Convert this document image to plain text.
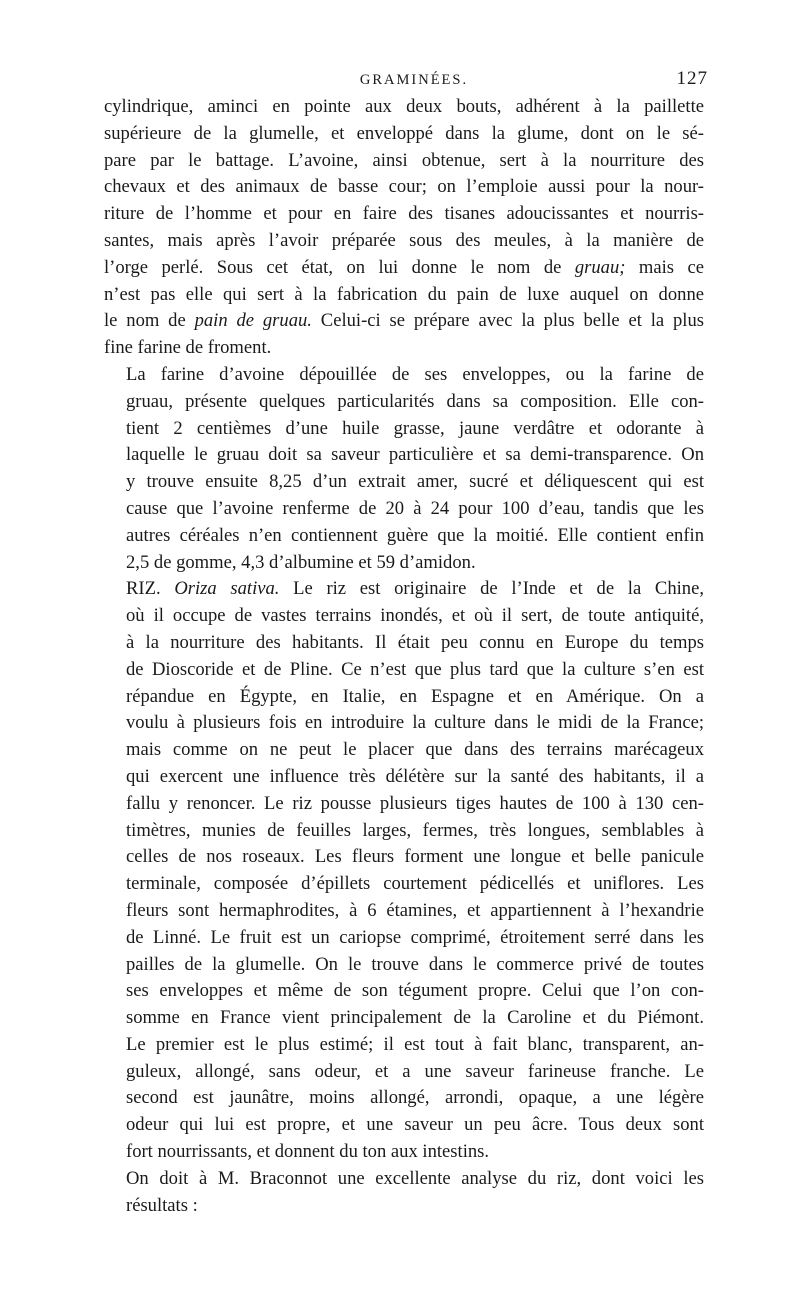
GRAMINÉES.	127

cylindrique, aminci en pointe aux deux bouts, adhérent à la paillette
supérieure de la glumelle, et enveloppé dans la glume, dont on le sé-
pare par le battage. L’avoine, ainsi obtenue, sert à la nourriture des
chevaux et des animaux de basse cour; on l’emploie aussi pour la nour-
riture de l’homme et pour en faire des tisanes adoucissantes et nourris-
santes, mais après l’avoir préparée sous des meules, à la manière de
l’orge perlé. Sous cet état, on lui donne le nom de gruau; mais ce
n’est pas elle qui sert à la fabrication du pain de luxe auquel on donne
le nom de pain de gruau. Celui-ci se prépare avec la plus belle et la plus
fine farine de froment.

La farine d’avoine dépouillée de ses enveloppes, ou la farine de
gruau, présente quelques particularités dans sa composition. Elle con-
tient 2 centièmes d’une huile grasse, jaune verdâtre et odorante à
laquelle le gruau doit sa saveur particulière et sa demi-transparence. On
y trouve ensuite 8,25 d’un extrait amer, sucré et déliquescent qui est
cause que l’avoine renferme de 20 à 24 pour 100 d’eau, tandis que les
autres céréales n’en contiennent guère que la moitié. Elle contient enfin
2,5 de gomme, 4,3 d’albumine et 59 d’amidon.

RIZ. Oriza sativa. Le riz est originaire de l’Inde et de la Chine,
où il occupe de vastes terrains inondés, et où il sert, de toute antiquité,
à la nourriture des habitants. Il était peu connu en Europe du temps
de Dioscoride et de Pline. Ce n’est que plus tard que la culture s’en est
répandue en Égypte, en Italie, en Espagne et en Amérique. On a
voulu à plusieurs fois en introduire la culture dans le midi de la France;
mais comme on ne peut le placer que dans des terrains marécageux
qui exercent une influence très délétère sur la santé des habitants, il a
fallu y renoncer. Le riz pousse plusieurs tiges hautes de 100 à 130 cen-
timètres, munies de feuilles larges, fermes, très longues, semblables à
celles de nos roseaux. Les fleurs forment une longue et belle panicule
terminale, composée d’épillets courtement pédicellés et uniflores. Les
fleurs sont hermaphrodites, à 6 étamines, et appartiennent à l’hexandrie
de Linné. Le fruit est un cariopse comprimé, étroitement serré dans les
pailles de la glumelle. On le trouve dans le commerce privé de toutes
ses enveloppes et même de son tégument propre. Celui que l’on con-
somme en France vient principalement de la Caroline et du Piémont.
Le premier est le plus estimé; il est tout à fait blanc, transparent, an-
guleux, allongé, sans odeur, et a une saveur farineuse franche. Le
second est jaunâtre, moins allongé, arrondi, opaque, a une légère
odeur qui lui est propre, et une saveur un peu âcre. Tous deux sont
fort nourrissants, et donnent du ton aux intestins.

On doit à M. Braconnot une excellente analyse du riz, dont voici les
résultats :
